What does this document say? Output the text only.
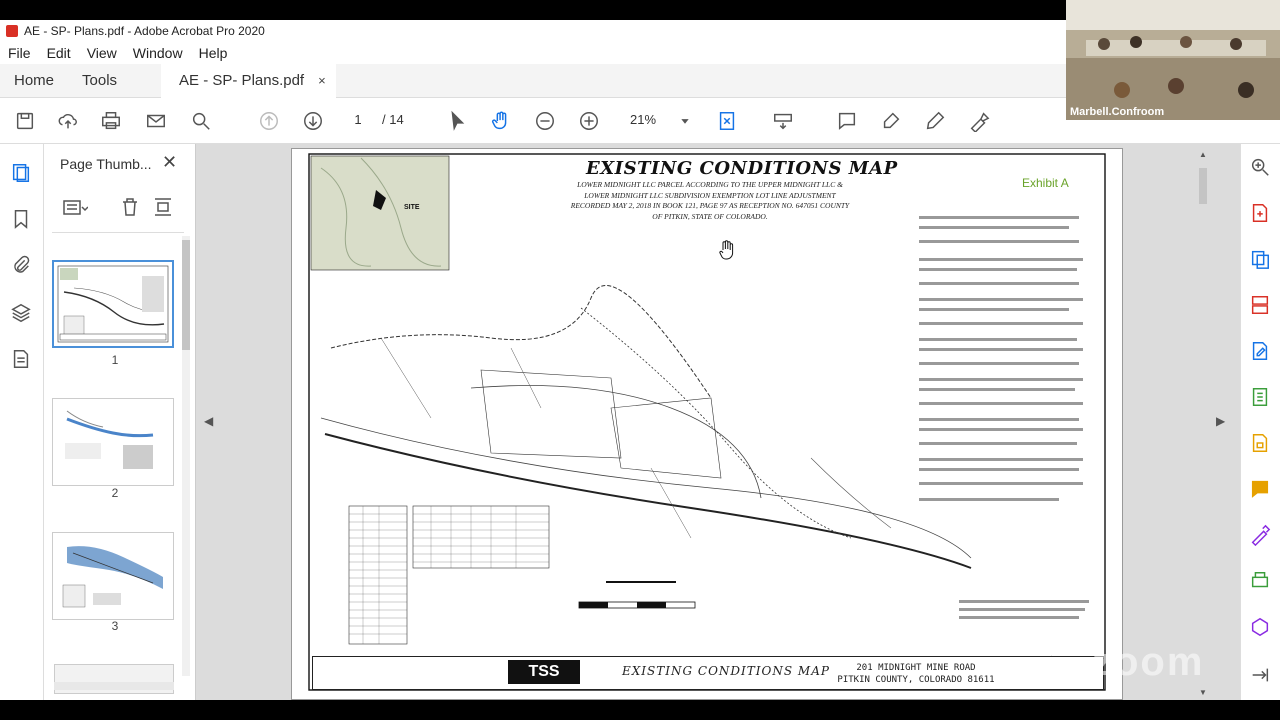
AE - SP- Plans.pdf - Adobe Acrobat Pro 2020
File	Edit	View	Window	Help
Home	Tools	AE - SP- Plans.pdf ×
1	/ 14	21%
Page Thumb... ✕
1
2
3
◀	▶
EXISTING CONDITIONS MAP
LOWER MIDNIGHT LLC PARCEL ACCORDING TO THE UPPER MIDNIGHT LLC & LOWER MIDNIGHT LLC SUBDIVISION EXEMPTION LOT LINE ADJUSTMENT RECORDED MAY 2, 2018 IN BOOK 121, PAGE 97 AS RECEPTION NO. 647051 COUNTY OF PITKIN, STATE OF COLORADO.
Exhibit A
SITE
TSS	EXISTING CONDITIONS MAP	201 MIDNIGHT MINE ROAD
PITKIN COUNTY, COLORADO 81611
▲
▼
Marbell.Confroom
zoom
